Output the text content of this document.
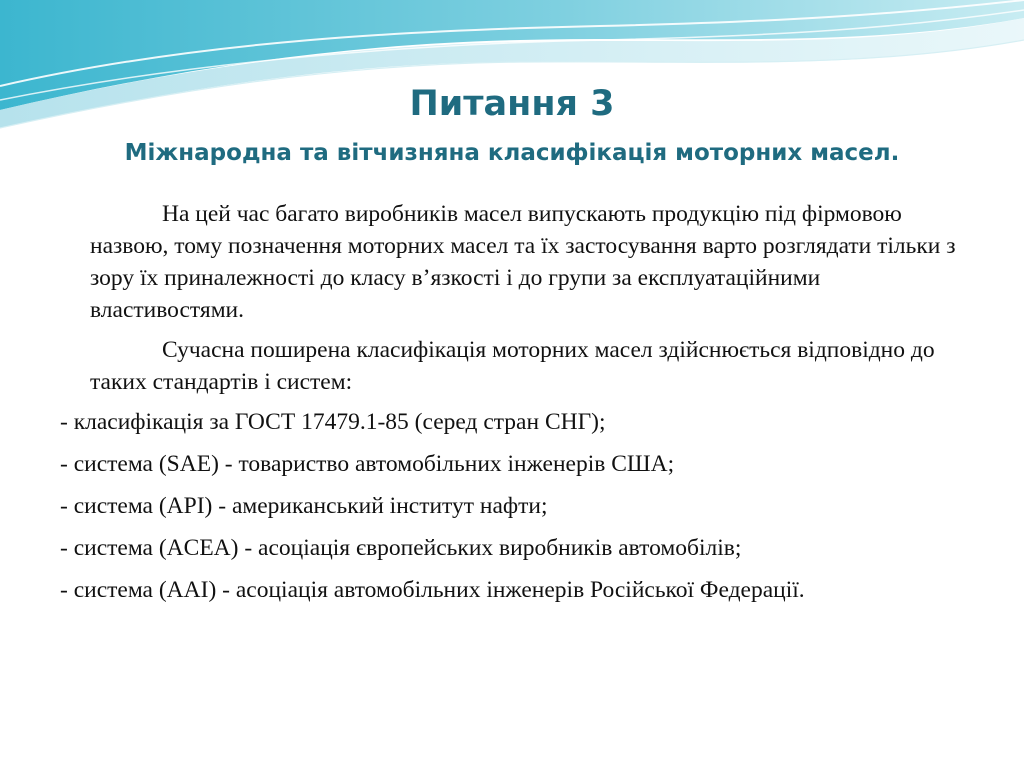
Питання 3
Міжнародна та вітчизняна класифікація моторних масел.

На цей час багато виробників масел випускають продукцію під фірмовою назвою, тому позначення моторних масел та їх застосування варто розглядати тільки з зору їх приналежності до класу в’язкості і до групи за експлуатаційними властивостями.

Сучасна поширена класифікація моторних масел здійснюється відповідно до таких стандартів і систем:

- класифікація за ГОСТ 17479.1-85 (серед стран СНГ);

- система (SAE) - товариство автомобільних інженерів США;

- система (API) - американський інститут нафти;

- система (ACEA) - асоціація європейських виробників автомобілів;

- система (ААІ) - асоціація автомобільних інженерів Російської Федерації.
